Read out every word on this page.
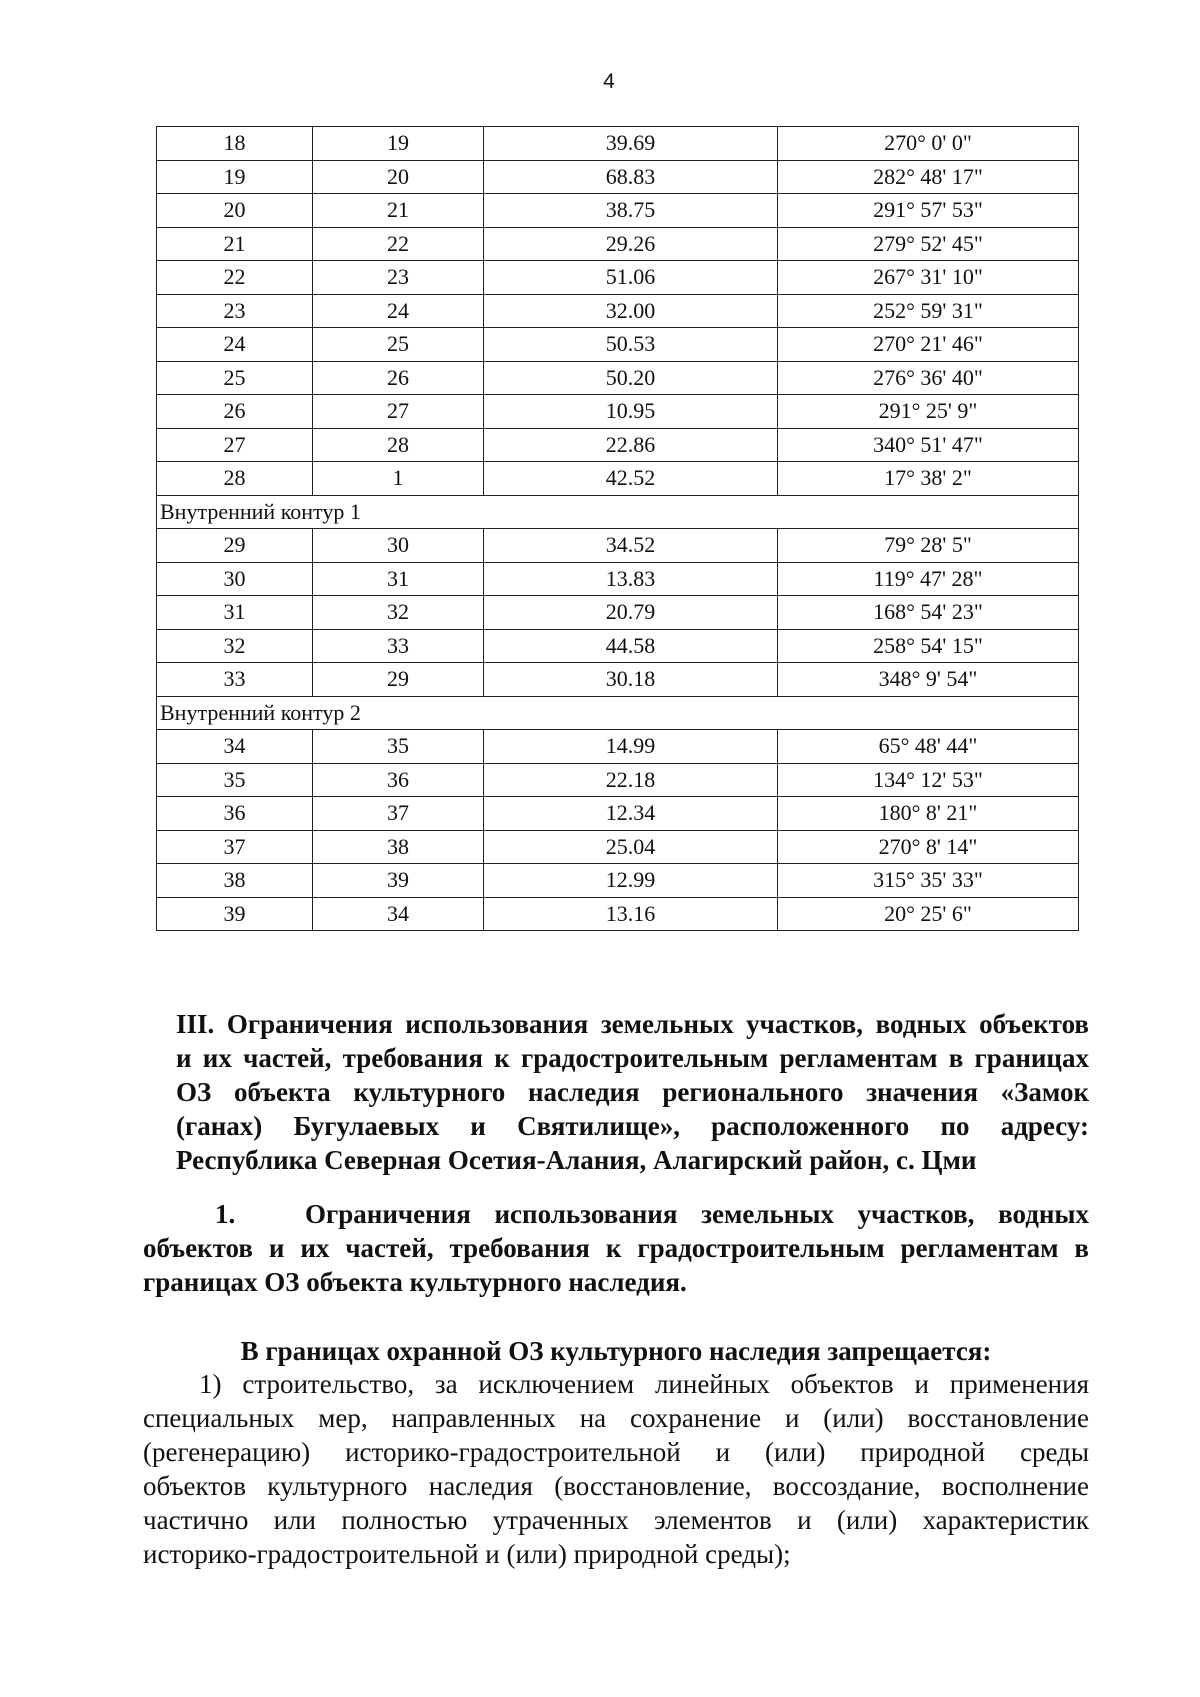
4
18	19	39.69	270° 0' 0"
19	20	68.83	282° 48' 17"
20	21	38.75	291° 57' 53"
21	22	29.26	279° 52' 45"
22	23	51.06	267° 31' 10"
23	24	32.00	252° 59' 31"
24	25	50.53	270° 21' 46"
25	26	50.20	276° 36' 40"
26	27	10.95	291° 25' 9"
27	28	22.86	340° 51' 47"
28	1	42.52	17° 38' 2"
Внутренний контур 1			
29	30	34.52	79° 28' 5"
30	31	13.83	119° 47' 28"
31	32	20.79	168° 54' 23"
32	33	44.58	258° 54' 15"
33	29	30.18	348° 9' 54"
Внутренний контур 2			
34	35	14.99	65° 48' 44"
35	36	22.18	134° 12' 53"
36	37	12.34	180° 8' 21"
37	38	25.04	270° 8' 14"
38	39	12.99	315° 35' 33"
39	34	13.16	20° 25' 6"
III. Ограничения использования земельных участков, водных объектов
и их частей, требования к градостроительным регламентам в границах
ОЗ объекта культурного наследия регионального значения «Замок
(ганах) Бугулаевых и Святилище», расположенного по адресу:
Республика Северная Осетия-Алания, Алагирский район, с. Цми
1.	Ограничения использования земельных участков, водных
объектов и их частей, требования к градостроительным регламентам в
границах ОЗ объекта культурного наследия.
В границах охранной ОЗ культурного наследия запрещается:
1) строительство, за исключением линейных объектов и применения
специальных мер, направленных на сохранение и (или) восстановление
(регенерацию) историко-градостроительной и (или) природной среды
объектов культурного наследия (восстановление, воссоздание, восполнение
частично или полностью утраченных элементов и (или) характеристик
историко-градостроительной и (или) природной среды);
